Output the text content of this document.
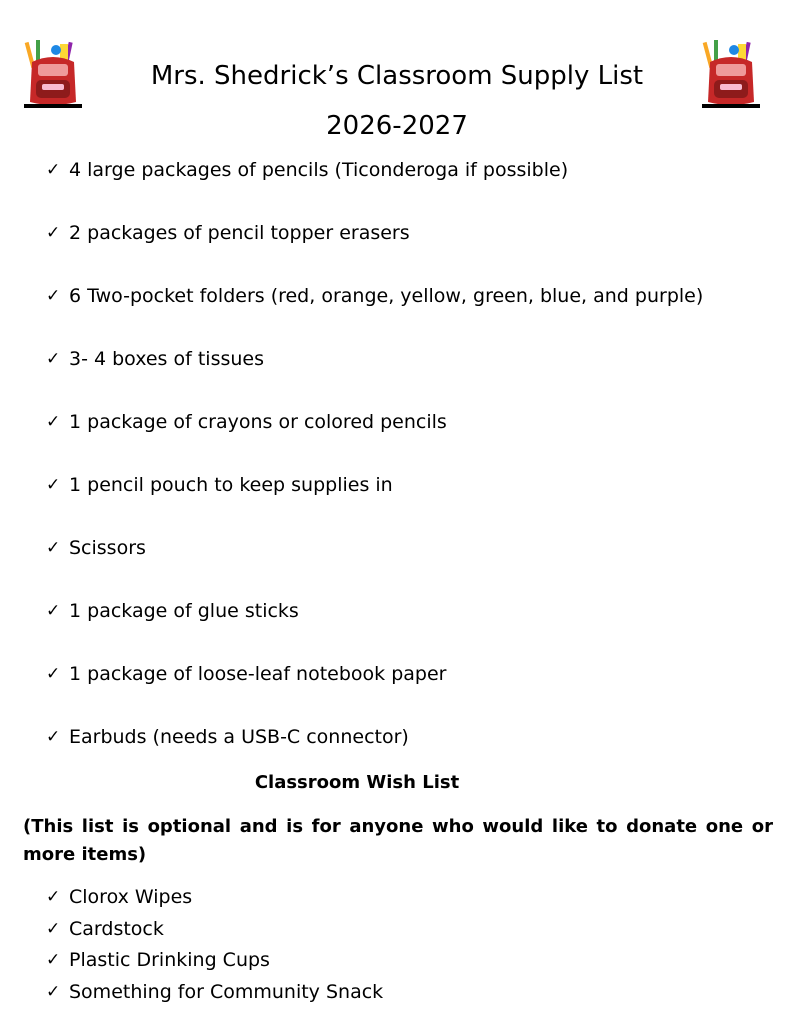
Mrs. Shedrick’s Classroom Supply List
2026-2027
✓ 4 large packages of pencils (Ticonderoga if possible)
✓ 2 packages of pencil topper erasers
✓ 6 Two-pocket folders (red, orange, yellow, green, blue, and purple)
✓ 3- 4 boxes of tissues
✓ 1 package of crayons or colored pencils
✓ 1 pencil pouch to keep supplies in
✓ Scissors
✓ 1 package of glue sticks
✓ 1 package of loose-leaf notebook paper
✓ Earbuds (needs a USB-C connector)
Classroom Wish List

(This list is optional and is for anyone who would like to donate one or more items)

✓ Clorox Wipes
✓ Cardstock
✓ Plastic Drinking Cups
✓ Something for Community Snack
